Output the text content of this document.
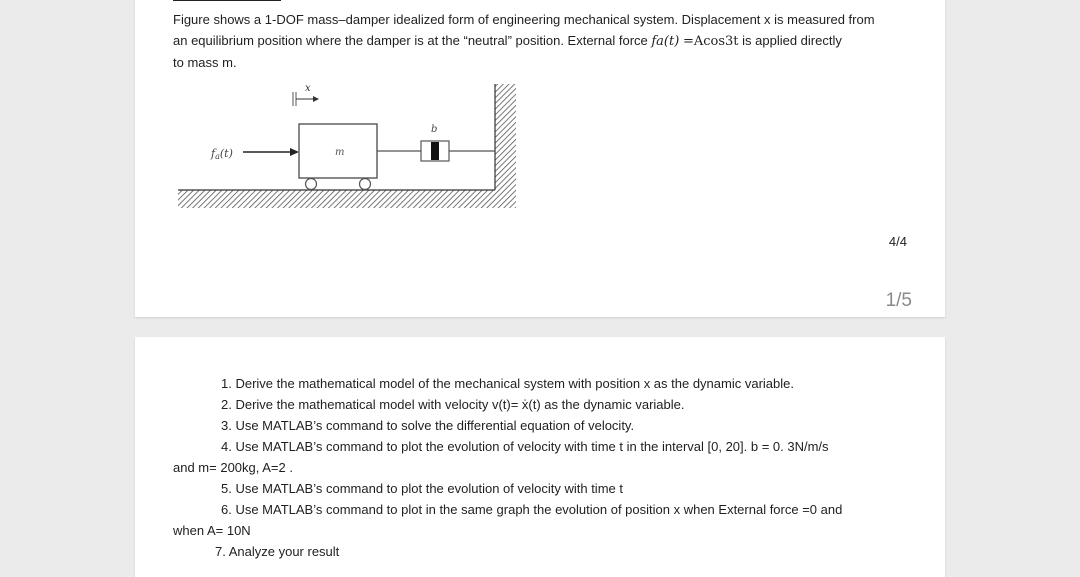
Figure shows a 1-DOF mass–damper idealized form of engineering mechanical system. Displacement x is measured from

an equilibrium position where the damper is at the “neutral” position. External force fa(t) =Acos3t is applied directly

to mass m.

x
fa(t)	m
b
4/4
1/5
1. Derive the mathematical model of the mechanical system with position x as the dynamic variable.
2. Derive the mathematical model with velocity v(t)= ẋ(t) as the dynamic variable.
3. Use MATLAB’s command to solve the differential equation of velocity.
4. Use MATLAB’s command to plot the evolution of velocity with time t in the interval [0, 20]. b = 0. 3N/m/s
and m= 200kg, A=2 .
5. Use MATLAB’s command to plot the evolution of velocity with time t
6. Use MATLAB’s command to plot in the same graph the evolution of position x when External force =0 and
when A= 10N
7. Analyze your result
